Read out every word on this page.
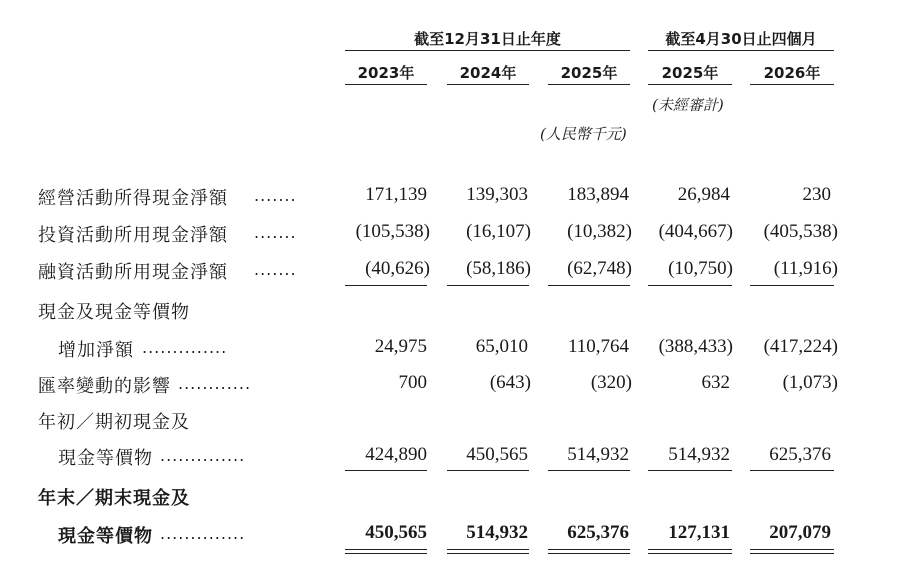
截至12月31日止年度	截至4月30日止四個月
2023年	2024年	2025年	2025年	2026年
(未經審計)
(人民幣千元)
經營活動所得現金淨額 .......	171,139	139,303	183,894	26,984	230
投資活動所用現金淨額 .......	(105,538)	(16,107)	(10,382)	(404,667)	(405,538)
融資活動所用現金淨額 .......	(40,626)	(58,186)	(62,748)	(10,750)	(11,916)
現金及現金等價物
增加淨額 ..............	24,975	65,010	110,764	(388,433)	(417,224)
匯率變動的影響 ............	700	(643)	(320)	632	(1,073)
年初／期初現金及
現金等價物 ..............	424,890	450,565	514,932	514,932	625,376
年末／期末現金及
現金等價物 ..............	450,565	514,932	625,376	127,131	207,079
